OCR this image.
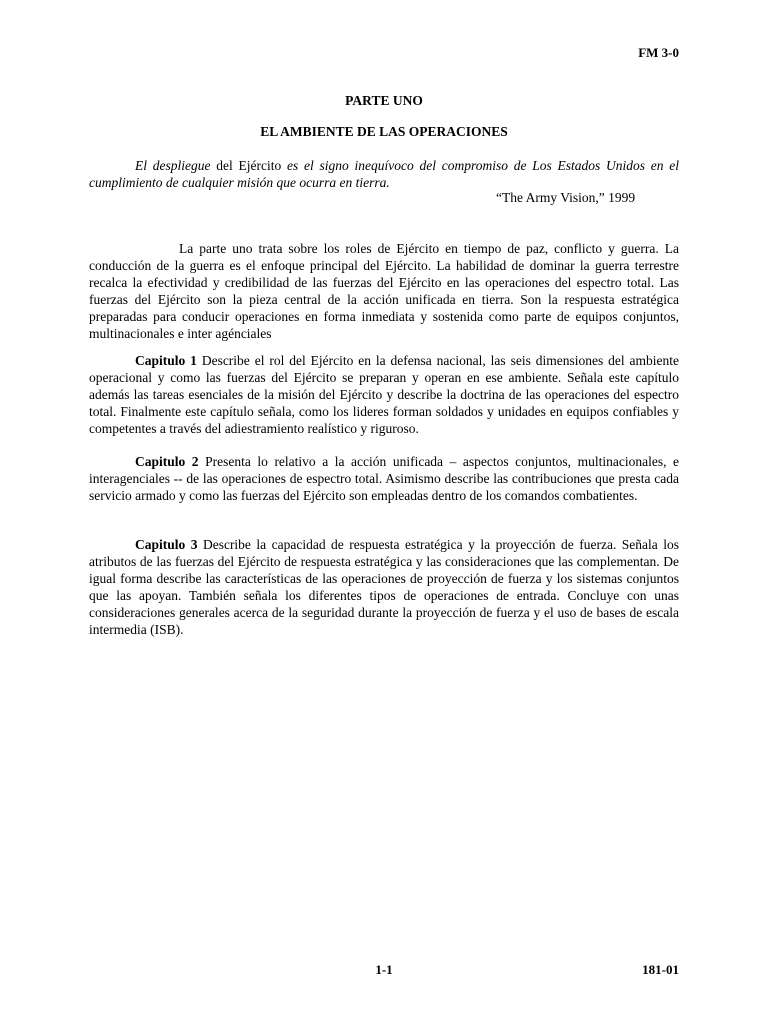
FM 3-0
PARTE UNO
EL AMBIENTE DE LAS OPERACIONES
El despliegue del Ejército es el signo inequívoco del compromiso de Los Estados Unidos en el cumplimiento de cualquier misión que ocurra en tierra.
“The Army Vision,” 1999

La parte uno trata sobre los roles de Ejército en tiempo de paz, conflicto y guerra. La conducción de la guerra es el enfoque principal del Ejército. La habilidad de dominar la guerra terrestre recalca la efectividad y credibilidad de las fuerzas del Ejército en las operaciones del espectro total. Las fuerzas del Ejército son la pieza central de la acción unificada en tierra. Son la respuesta estratégica preparadas para conducir operaciones en forma inmediata y sostenida como parte de equipos conjuntos, multinacionales e inter agénciales

Capitulo 1 Describe el rol del Ejército en la defensa nacional, las seis dimensiones del ambiente operacional y como las fuerzas del Ejército se preparan y operan en ese ambiente. Señala este capítulo además las tareas esenciales de la misión del Ejército y describe la doctrina de las operaciones del espectro total. Finalmente este capítulo señala, como los lideres forman soldados y unidades en equipos confiables y competentes a través del adiestramiento realístico y riguroso.

Capitulo 2 Presenta lo relativo a la acción unificada – aspectos conjuntos, multinacionales, e interagenciales -- de las operaciones de espectro total. Asimismo describe las contribuciones que presta cada servicio armado y como las fuerzas del Ejército son empleadas dentro de los comandos combatientes.

Capitulo 3 Describe la capacidad de respuesta estratégica y la proyección de fuerza. Señala los atributos de las fuerzas del Ejército de respuesta estratégica y las consideraciones que las complementan. De igual forma describe las características de las operaciones de proyección de fuerza y los sistemas conjuntos que las apoyan. También señala los diferentes tipos de operaciones de entrada. Concluye con unas consideraciones generales acerca de la seguridad durante la proyección de fuerza y el uso de bases de escala intermedia (ISB).

1-1	181-01
